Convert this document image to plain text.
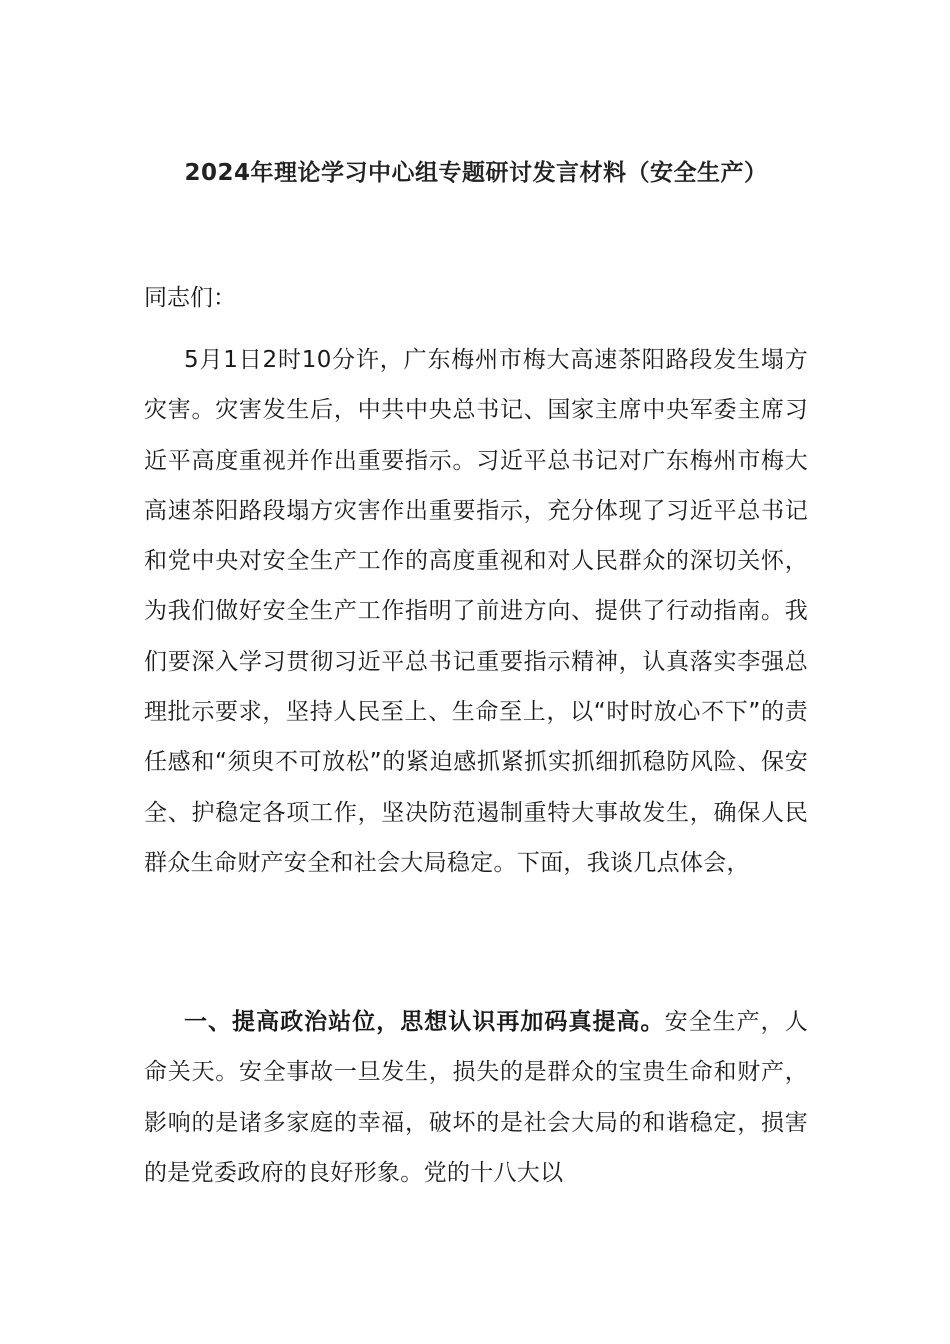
2024年理论学习中心组专题研讨发言材料（安全生产）
同志们：

5月1日2时10分许，广东梅州市梅大高速茶阳路段发生塌方灾害。灾害发生后，中共中央总书记、国家主席中央军委主席习近平高度重视并作出重要指示。习近平总书记对广东梅州市梅大高速茶阳路段塌方灾害作出重要指示，充分体现了习近平总书记和党中央对安全生产工作的高度重视和对人民群众的深切关怀，为我们做好安全生产工作指明了前进方向、提供了行动指南。我们要深入学习贯彻习近平总书记重要指示精神，认真落实李强总理批示要求，坚持人民至上、生命至上，以“时时放心不下”的责任感和“须臾不可放松”的紧迫感抓紧抓实抓细抓稳防风险、保安全、护稳定各项工作，坚决防范遏制重特大事故发生，确保人民群众生命财产安全和社会大局稳定。下面，我谈几点体会，

一、提高政治站位，思想认识再加码真提高。安全生产，人命关天。安全事故一旦发生，损失的是群众的宝贵生命和财产，影响的是诸多家庭的幸福，破坏的是社会大局的和谐稳定，损害的是党委政府的良好形象。党的十八大以
